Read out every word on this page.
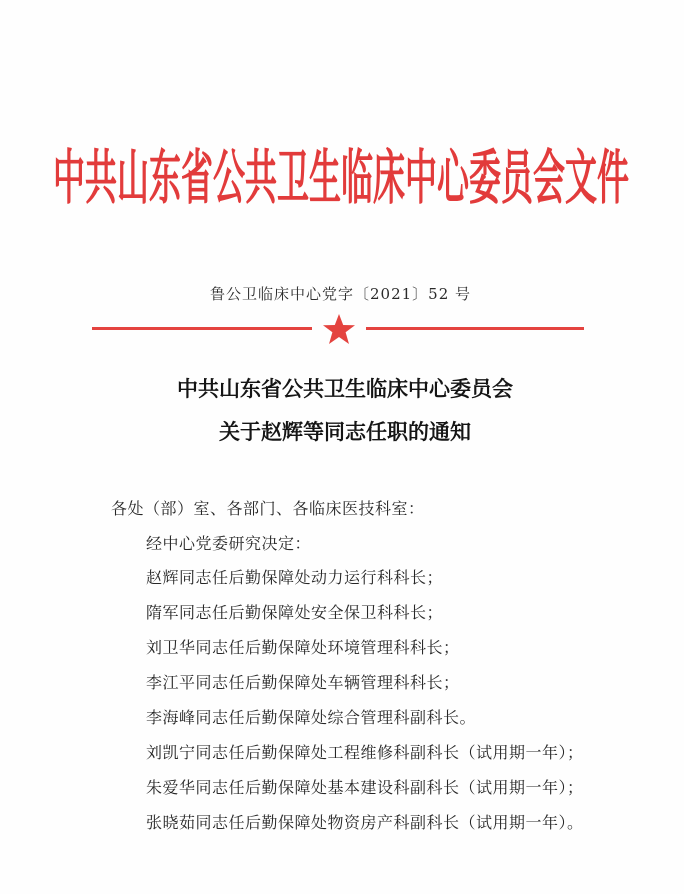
中共山东省公共卫生临床中心委员会文件
鲁公卫临床中心党字〔2021〕52 号
中共山东省公共卫生临床中心委员会
关于赵辉等同志任职的通知
各处（部）室、各部门、各临床医技科室：
经中心党委研究决定：
赵辉同志任后勤保障处动力运行科科长；
隋军同志任后勤保障处安全保卫科科长；
刘卫华同志任后勤保障处环境管理科科长；
李江平同志任后勤保障处车辆管理科科长；
李海峰同志任后勤保障处综合管理科副科长。
刘凯宁同志任后勤保障处工程维修科副科长（试用期一年）；
朱爱华同志任后勤保障处基本建设科副科长（试用期一年）；
张晓茹同志任后勤保障处物资房产科副科长（试用期一年）。
